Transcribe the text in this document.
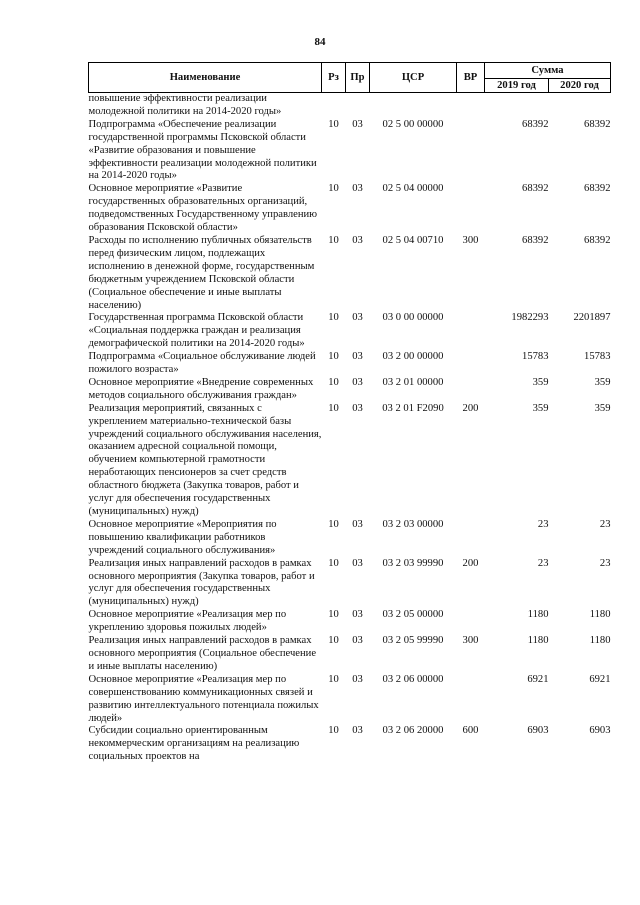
84
Наименование	Рз	Пр	ЦСР	ВР	Сумма	
					2019 год	2020 год
повышение эффективности реализации молодежной политики на 2014-2020 годы»						
Подпрограмма «Обеспечение реализации государственной программы Псковской области «Развитие образования и повышение эффективности реализации молодежной политики на 2014-2020 годы»	10	03	02 5 00 00000		68392	68392
Основное мероприятие «Развитие государственных образовательных организаций, подведомственных Государственному управлению образования Псковской области»	10	03	02 5 04 00000		68392	68392
Расходы по исполнению публичных обязательств перед физическим лицом, подлежащих исполнению в денежной форме, государственным бюджетным учреждением Псковской области (Социальное обеспечение и иные выплаты населению)	10	03	02 5 04 00710	300	68392	68392
Государственная программа Псковской области «Социальная поддержка граждан и реализация демографической политики на 2014-2020 годы»	10	03	03 0 00 00000		1982293	2201897
Подпрограмма «Социальное обслуживание людей пожилого возраста»	10	03	03 2 00 00000		15783	15783
Основное мероприятие «Внедрение современных методов социального обслуживания граждан»	10	03	03 2 01 00000		359	359
Реализация мероприятий, связанных с укреплением материально-технической базы учреждений социального обслуживания населения, оказанием адресной социальной помощи, обучением компьютерной грамотности неработающих пенсионеров за счет средств областного бюджета (Закупка товаров, работ и услуг для обеспечения государственных (муниципальных) нужд)	10	03	03 2 01 F2090	200	359	359
Основное мероприятие «Мероприятия по повышению квалификации работников учреждений социального обслуживания»	10	03	03 2 03 00000		23	23
Реализация иных направлений расходов в рамках основного мероприятия (Закупка товаров, работ и услуг для обеспечения государственных (муниципальных) нужд)	10	03	03 2 03 99990	200	23	23
Основное мероприятие «Реализация мер по укреплению здоровья пожилых людей»	10	03	03 2 05 00000		1180	1180
Реализация иных направлений расходов в рамках основного мероприятия (Социальное обеспечение и иные выплаты населению)	10	03	03 2 05 99990	300	1180	1180
Основное мероприятие «Реализация мер по совершенствованию коммуникационных связей и развитию интеллектуального потенциала пожилых людей»	10	03	03 2 06 00000		6921	6921
Субсидии социально ориентированным некоммерческим организациям на реализацию социальных проектов на	10	03	03 2 06 20000	600	6903	6903
